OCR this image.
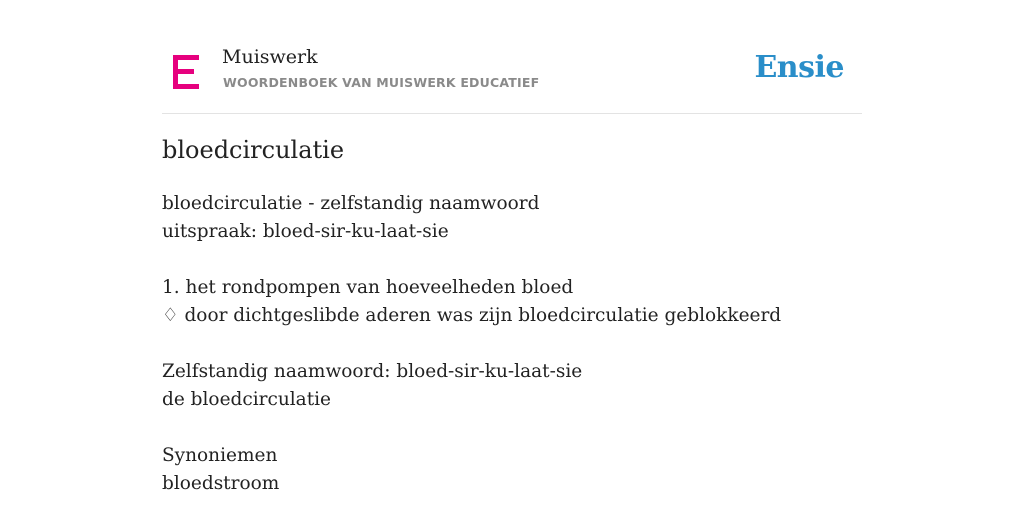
Muiswerk
WOORDENBOEK VAN MUISWERK EDUCATIEF	Ensie
bloedcirculatie
bloedcirculatie - zelfstandig naamwoord
uitspraak: bloed-sir-ku-laat-sie
1. het rondpompen van hoeveelheden bloed
♢ door dichtgeslibde aderen was zijn bloedcirculatie geblokkeerd
Zelfstandig naamwoord: bloed-sir-ku-laat-sie
de bloedcirculatie
Synoniemen
bloedstroom
